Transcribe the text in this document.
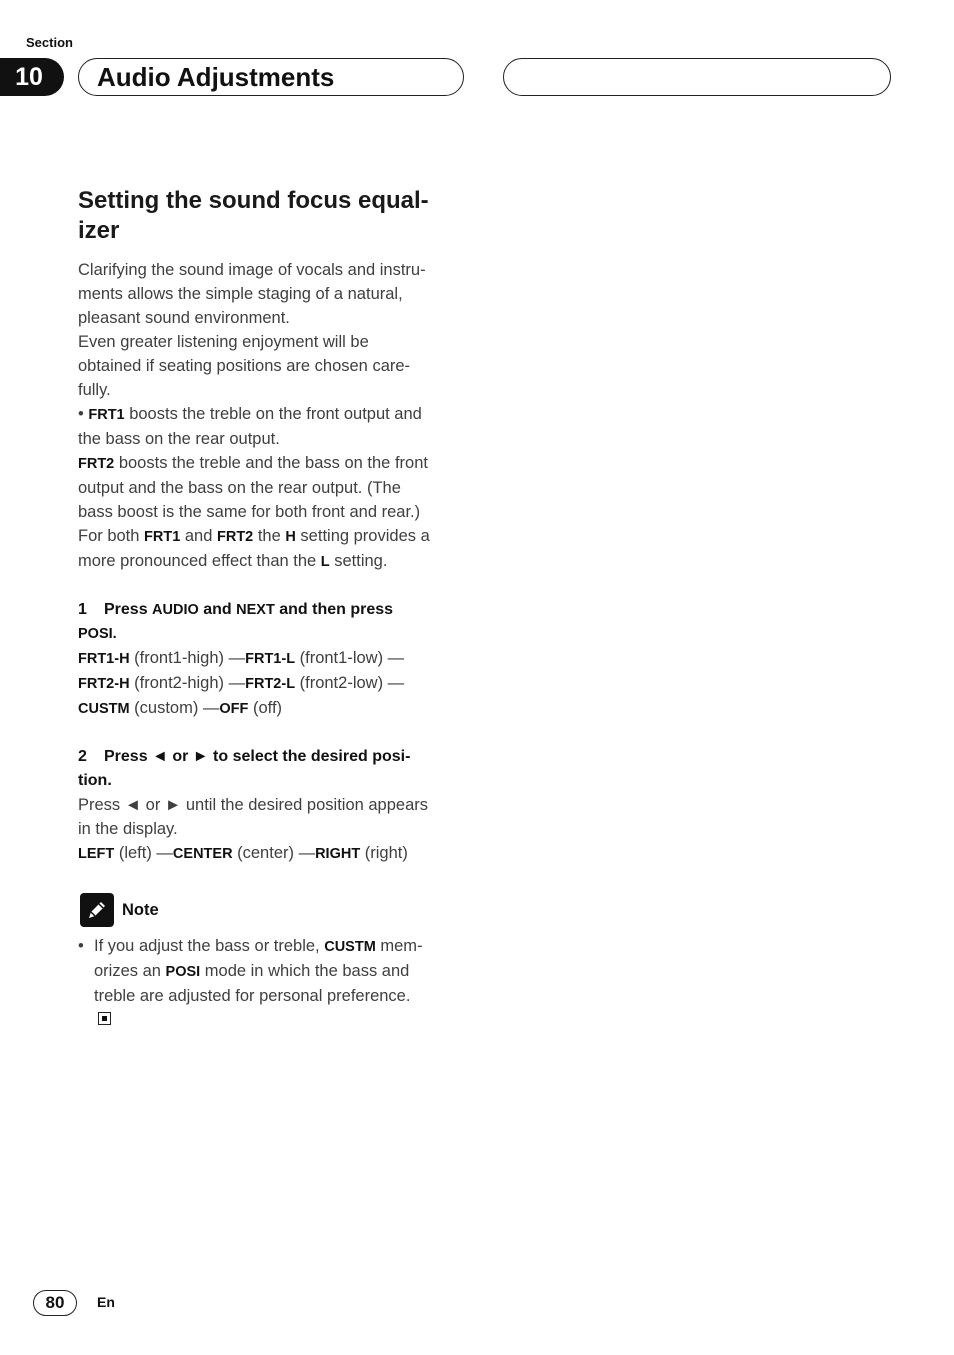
Section
10	Audio Adjustments
Setting the sound focus equal-
izer

Clarifying the sound image of vocals and instru-
ments allows the simple staging of a natural,
pleasant sound environment.

Even greater listening enjoyment will be
obtained if seating positions are chosen care-
fully.

• FRT1 boosts the treble on the front output and
the bass on the rear output.

FRT2 boosts the treble and the bass on the front
output and the bass on the rear output. (The
bass boost is the same for both front and rear.)

For both FRT1 and FRT2 the H setting provides a
more pronounced effect than the L setting.

1 Press AUDIO and NEXT and then press
POSI.

FRT1-H (front1-high) —FRT1-L (front1-low) —
FRT2-H (front2-high) —FRT2-L (front2-low) —
CUSTM (custom) —OFF (off)

2 Press ◄ or ► to select the desired posi-
tion.

Press ◄ or ► until the desired position appears
in the display.
LEFT (left) —CENTER (center) —RIGHT (right)

Note
• If you adjust the bass or treble, CUSTM mem-
orizes an POSI mode in which the bass and
treble are adjusted for personal preference.
80	En
